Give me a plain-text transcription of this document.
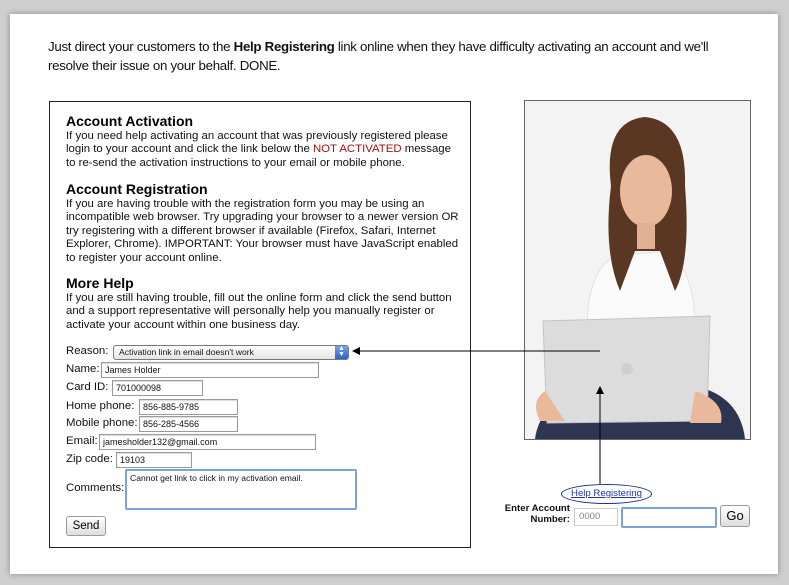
Just direct your customers to the Help Registering link online when they have difficulty activating an account and we'll resolve their issue on your behalf. DONE.
Account Activation
If you need help activating an account that was previously registered please login to your account and click the link below the NOT ACTIVATED message to re-send the activation instructions to your email or mobile phone.
Account Registration
If you are having trouble with the registration form you may be using an incompatible web browser. Try upgrading your browser to a newer version OR try registering with a different browser if available (Firefox, Safari, Internet Explorer, Chrome). IMPORTANT: Your browser must have JavaScript enabled to register your account online.
More Help
If you are still having trouble, fill out the online form and click the send button and a support representative will personally help you manually register or activate your account within one business day.
Reason:	Activation link in email doesn't work	▲
▼
Name: James Holder
Card ID: 701000098
Home phone: 856-885-9785
Mobile phone: 856-285-4566
Email: jamesholder132@gmail.com
Zip code: 19103
Comments:
Cannot get link to click in my activation email.
Send
Help Registering
Enter Account
Number: 0000	Go
